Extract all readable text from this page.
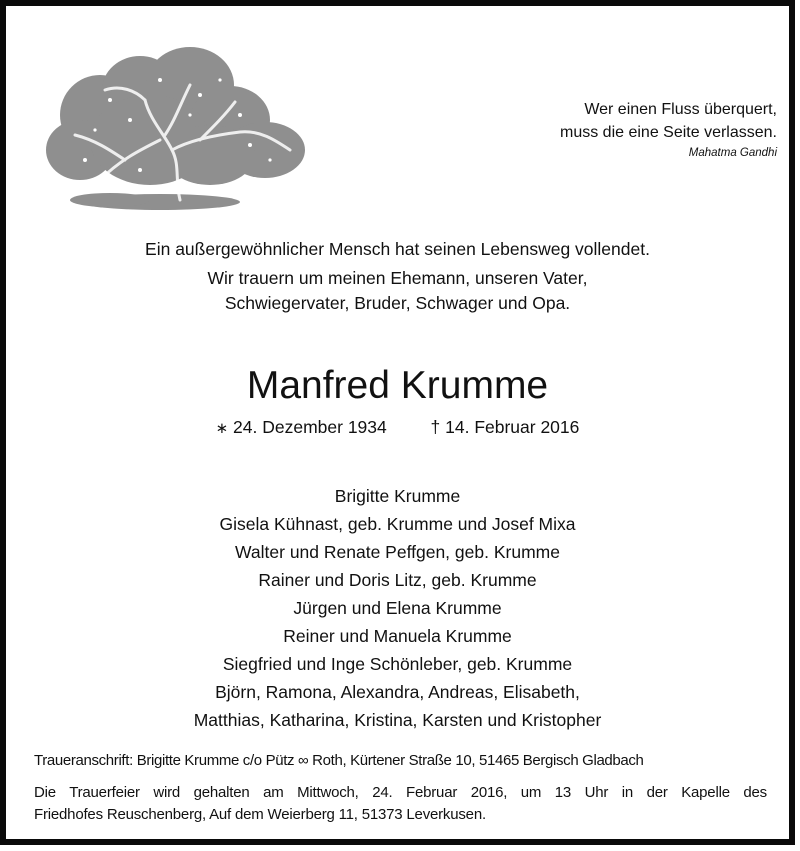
Wer einen Fluss überquert,
muss die eine Seite verlassen.
Mahatma Gandhi
Ein außergewöhnlicher Mensch hat seinen Lebensweg vollendet.
Wir trauern um meinen Ehemann, unseren Vater,
Schwiegervater, Bruder, Schwager und Opa.
Manfred Krumme
∗ 24. Dezember 1934	† 14. Februar 2016
Brigitte Krumme
Gisela Kühnast, geb. Krumme und Josef Mixa
Walter und Renate Peffgen, geb. Krumme
Rainer und Doris Litz, geb. Krumme
Jürgen und Elena Krumme
Reiner und Manuela Krumme
Siegfried und Inge Schönleber, geb. Krumme
Björn, Ramona, Alexandra, Andreas, Elisabeth,
Matthias, Katharina, Kristina, Karsten und Kristopher
Traueranschrift: Brigitte Krumme c/o Pütz ∞ Roth, Kürtener Straße 10, 51465 Bergisch Gladbach
Die Trauerfeier wird gehalten am Mittwoch, 24. Februar 2016, um 13 Uhr in der Kapelle des
Friedhofes Reuschenberg, Auf dem Weierberg 11, 51373 Leverkusen.
